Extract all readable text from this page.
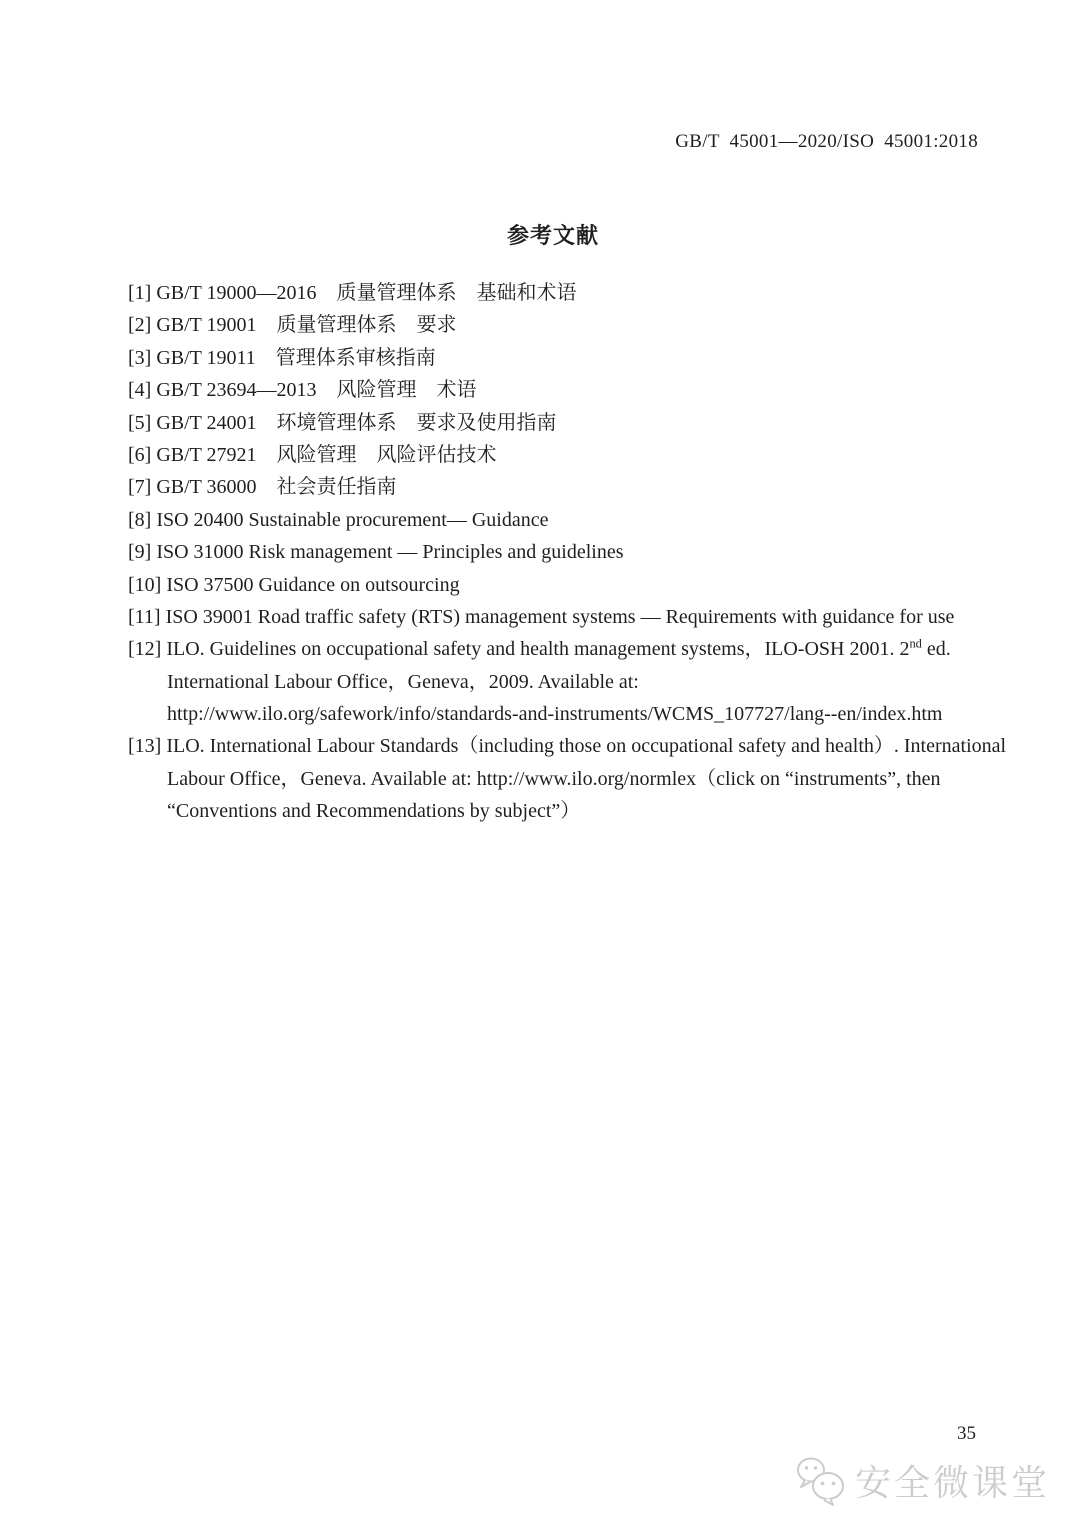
GB/T  45001—2020/ISO  45001:2018
参考文献
[1] GB/T 19000—2016　质量管理体系　基础和术语
[2] GB/T 19001　质量管理体系　要求
[3] GB/T 19011　管理体系审核指南
[4] GB/T 23694—2013　风险管理　术语
[5] GB/T 24001　环境管理体系　要求及使用指南
[6] GB/T 27921　风险管理　风险评估技术
[7] GB/T 36000　社会责任指南
[8] ISO 20400 Sustainable procurement— Guidance
[9] ISO 31000 Risk management — Principles and guidelines
[10] ISO 37500 Guidance on outsourcing
[11] ISO 39001 Road traffic safety (RTS) management systems — Requirements with guidance for use
[12] ILO. Guidelines on occupational safety and health management systems，ILO-OSH 2001. 2nd ed.
International Labour Office，Geneva，2009. Available at:
http://www.ilo.org/safework/info/standards-and-instruments/WCMS_107727/lang--en/index.htm
[13] ILO. International Labour Standards（including those on occupational safety and health）. International
Labour Office，Geneva. Available at: http://www.ilo.org/normlex（click on “instruments”, then
“Conventions and Recommendations by subject”）
35
安全微课堂
